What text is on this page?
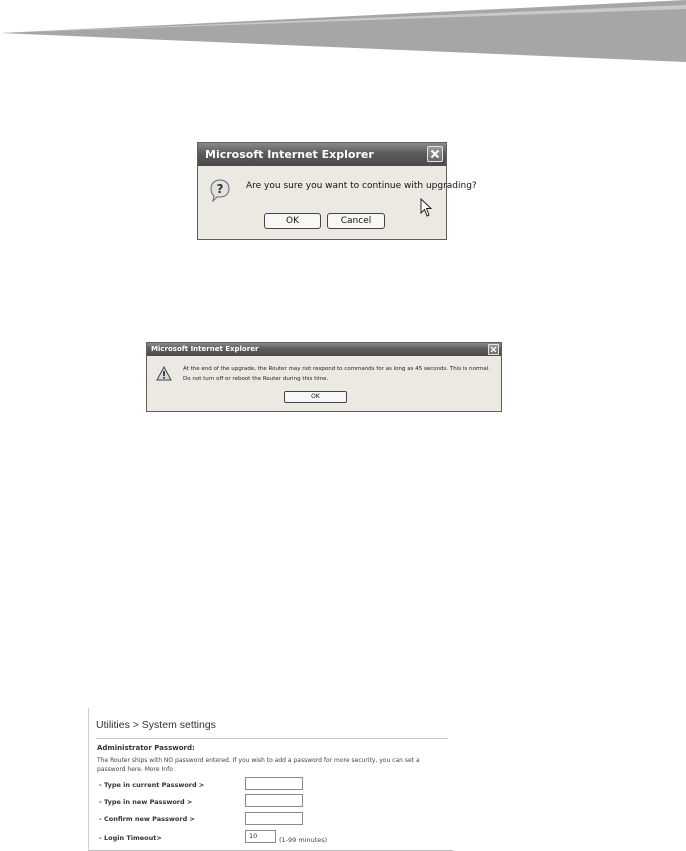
Microsoft Internet Explorer
?	Are you sure you want to continue with upgrading?
OK	Cancel
Microsoft Internet Explorer
At the end of the upgrade, the Router may not respond to commands for as long as 45 seconds. This is normal. Do not turn off or reboot the Router during this time.
OK
Utilities > System settings
Administrator Password:
The Router ships with NO password entered. If you wish to add a password for more security, you can set a password here. More Info
- Type in current Password >
- Type in new Password >
- Confirm new Password >
- Login Timeout>	10	(1-99 minutes)
